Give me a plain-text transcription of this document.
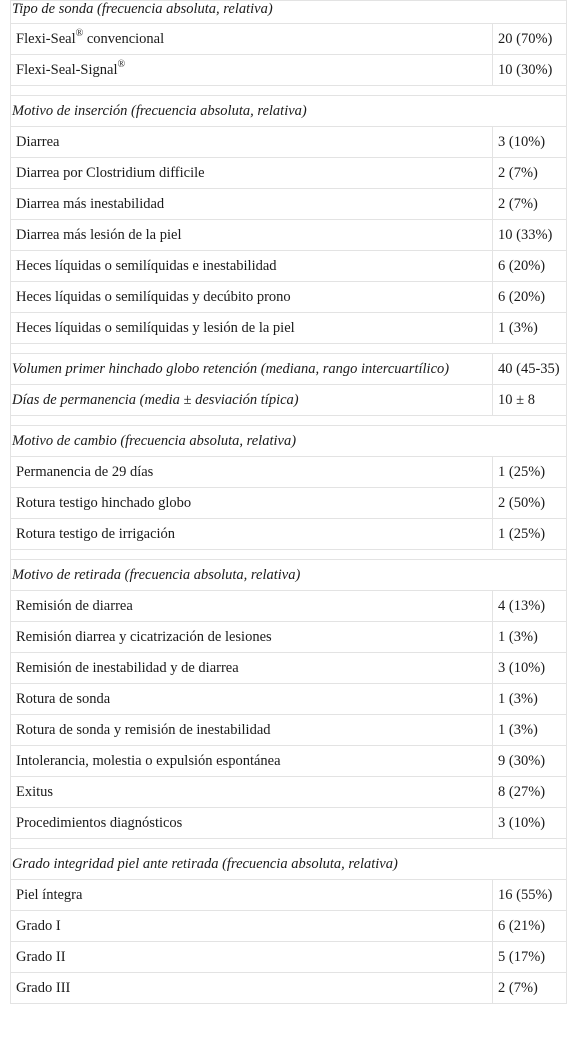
Tipo de sonda (frecuencia absoluta, relativa)	
Flexi-Seal® convencional	20 (70%)
Flexi-Seal-Signal®	10 (30%)

Motivo de inserción (frecuencia absoluta, relativa)	
Diarrea	3 (10%)
Diarrea por Clostridium difficile	2 (7%)
Diarrea más inestabilidad	2 (7%)
Diarrea más lesión de la piel	10 (33%)
Heces líquidas o semilíquidas e inestabilidad	6 (20%)
Heces líquidas o semilíquidas y decúbito prono	6 (20%)
Heces líquidas o semilíquidas y lesión de la piel	1 (3%)

Volumen primer hinchado globo retención (mediana, rango intercuartílico)	40 (45-35)
Días de permanencia (media ± desviación típica)	10 ± 8

Motivo de cambio (frecuencia absoluta, relativa)	
Permanencia de 29 días	1 (25%)
Rotura testigo hinchado globo	2 (50%)
Rotura testigo de irrigación	1 (25%)

Motivo de retirada (frecuencia absoluta, relativa)	
Remisión de diarrea	4 (13%)
Remisión diarrea y cicatrización de lesiones	1 (3%)
Remisión de inestabilidad y de diarrea	3 (10%)
Rotura de sonda	1 (3%)
Rotura de sonda y remisión de inestabilidad	1 (3%)
Intolerancia, molestia o expulsión espontánea	9 (30%)
Exitus	8 (27%)
Procedimientos diagnósticos	3 (10%)

Grado integridad piel ante retirada (frecuencia absoluta, relativa)	
Piel íntegra	16 (55%)
Grado I	6 (21%)
Grado II	5 (17%)
Grado III	2 (7%)
